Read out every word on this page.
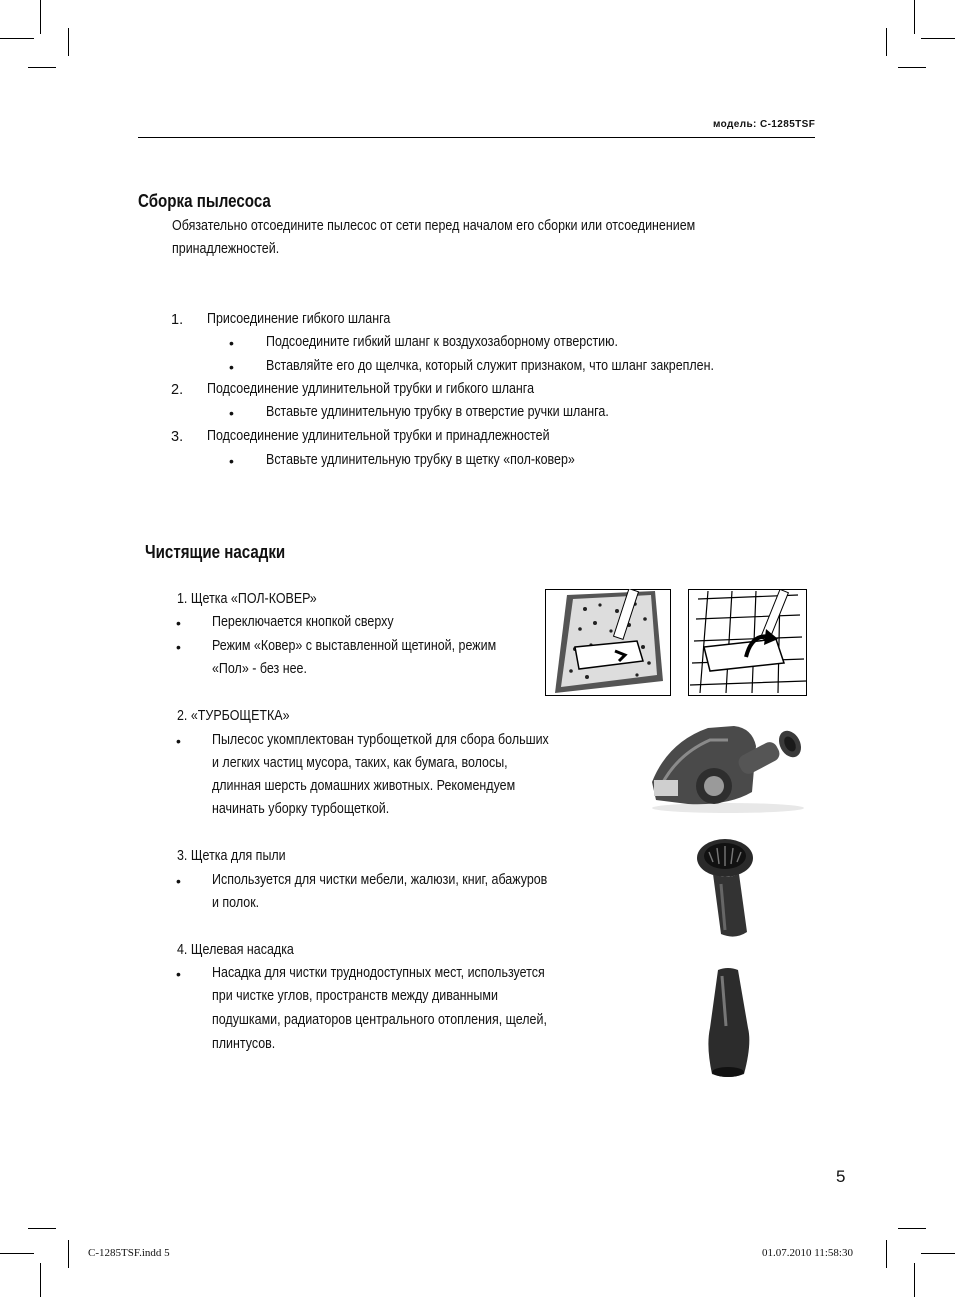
модель: C-1285TSF
Сборка пылесоса
Обязательно отсоедините пылесос от сети перед началом его сборки или отсоединением
принадлежностей.
1. Присоединение гибкого шланга
• Подсоедините гибкий шланг к воздухозаборному отверстию.
• Вставляйте его до щелчка, который служит признаком, что шланг закреплен.
2. Подсоединение удлинительной трубки и гибкого шланга
• Вставьте удлинительную трубку в отверстие ручки шланга.
3. Подсоединение удлинительной трубки и принадлежностей
• Вставьте удлинительную трубку в щетку «пол-ковер»
Чистящие насадки
1. Щетка «ПОЛ-КОВЕР»
• Переключается кнопкой сверху
• Режим «Ковер» с выставленной щетиной, режим
«Пол» - без нее.
2. «ТУРБОЩЕТКА»
• Пылесос укомплектован турбощеткой для сбора больших
и легких частиц мусора, таких, как бумага, волосы,
длинная шерсть домашних животных. Рекомендуем
начинать уборку турбощеткой.
3. Щетка для пыли
• Используется для чистки мебели, жалюзи, книг, абажуров
и полок.
4. Щелевая насадка
• Насадка для чистки труднодоступных мест, используется
при чистке углов, пространств между диванными
подушками, радиаторов центрального отопления, щелей,
плинтусов.
5
C-1285TSF.indd 5	01.07.2010 11:58:30
